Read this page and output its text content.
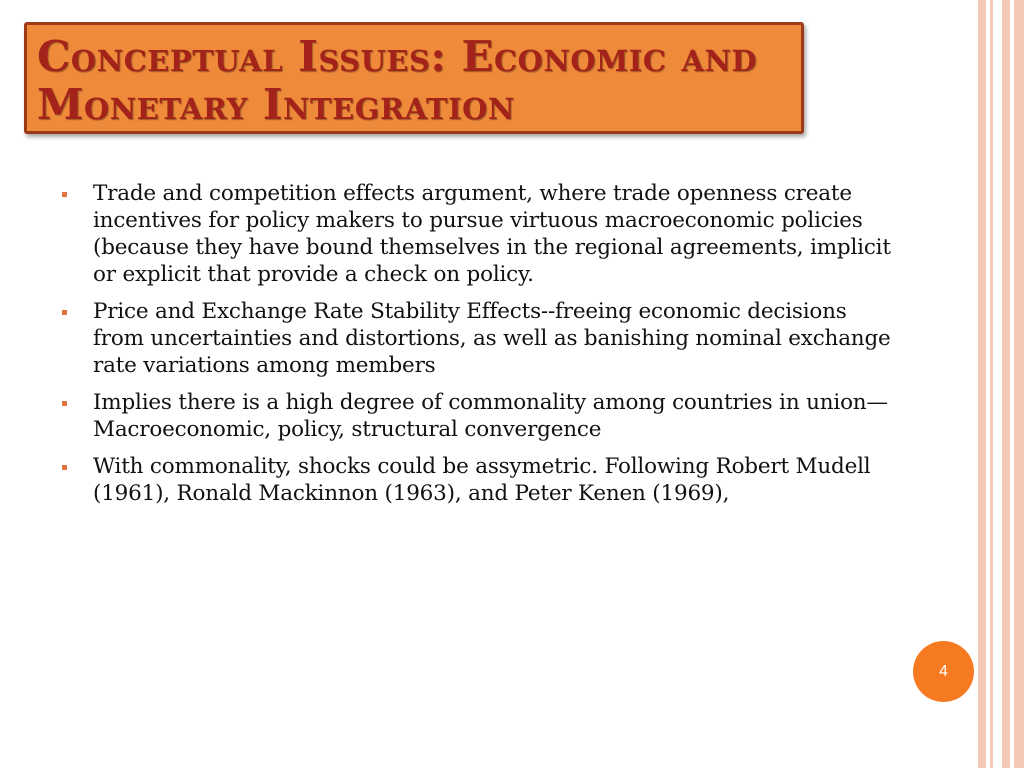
Conceptual Issues: Economic and
Monetary Integration
Trade and competition effects argument, where trade openness create incentives for policy makers to pursue virtuous macroeconomic policies (because they have bound themselves in the regional agreements, implicit or explicit that provide a check on policy.
Price and Exchange Rate Stability Effects--freeing economic decisions from uncertainties and distortions, as well as banishing nominal exchange rate variations among members
Implies there is a high degree of commonality among countries in union—Macroeconomic, policy, structural convergence
With commonality, shocks could be assymetric. Following Robert Mudell (1961), Ronald Mackinnon (1963), and Peter Kenen (1969),
4
